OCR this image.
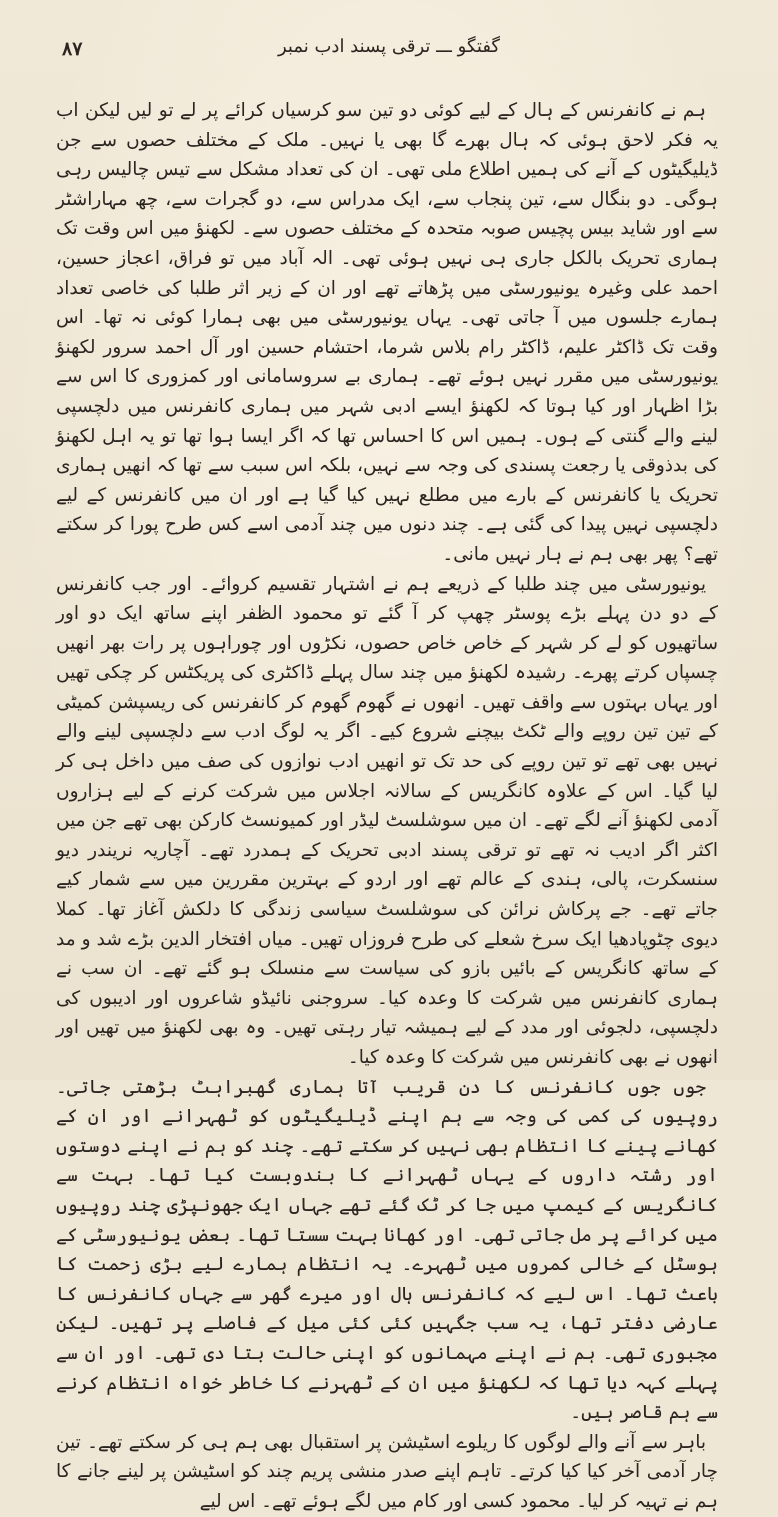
٨٧	گفتگو ـــ ترقی پسند ادب نمبر

ہم نے کانفرنس کے ہال کے لیے کوئی دو تین سو کرسیاں کرائے پر لے تو لیں لیکن اب یہ فکر لاحق ہوئی کہ ہال بھرے گا بھی یا نہیں۔ ملک کے مختلف حصوں سے جن ڈیلیگیٹوں کے آنے کی ہمیں اطلاع ملی تھی۔ ان کی تعداد مشکل سے تیس چالیس رہی ہوگی۔ دو بنگال سے، تین پنجاب سے، ایک مدراس سے، دو گجرات سے، چھ مہاراشٹر سے اور شاید بیس پچیس صوبہ متحدہ کے مختلف حصوں سے۔ لکھنؤ میں اس وقت تک ہماری تحریک بالکل جاری ہی نہیں ہوئی تھی۔ الہ آباد میں تو فراق، اعجاز حسین، احمد علی وغیرہ یونیورسٹی میں پڑھاتے تھے اور ان کے زیر اثر طلبا کی خاصی تعداد ہمارے جلسوں میں آ جاتی تھی۔ یہاں یونیورسٹی میں بھی ہمارا کوئی نہ تھا۔ اس وقت تک ڈاکٹر علیم، ڈاکٹر رام بلاس شرما، احتشام حسین اور آل احمد سرور لکھنؤ یونیورسٹی میں مقرر نہیں ہوئے تھے۔ ہماری بے سروسامانی اور کمزوری کا اس سے بڑا اظہار اور کیا ہوتا کہ لکھنؤ ایسے ادبی شہر میں ہماری کانفرنس میں دلچسپی لینے والے گنتی کے ہوں۔ ہمیں اس کا احساس تھا کہ اگر ایسا ہوا تھا تو یہ اہل لکھنؤ کی بدذوقی یا رجعت پسندی کی وجہ سے نہیں، بلکہ اس سبب سے تھا کہ انھیں ہماری تحریک یا کانفرنس کے بارے میں مطلع نہیں کیا گیا ہے اور ان میں کانفرنس کے لیے دلچسپی نہیں پیدا کی گئی ہے۔ چند دنوں میں چند آدمی اسے کس طرح پورا کر سکتے تھے؟ پھر بھی ہم نے ہار نہیں مانی۔

یونیورسٹی میں چند طلبا کے ذریعے ہم نے اشتہار تقسیم کروائے۔ اور جب کانفرنس کے دو دن پہلے بڑے پوسٹر چھپ کر آ گئے تو محمود الظفر اپنے ساتھ ایک دو اور ساتھیوں کو لے کر شہر کے خاص خاص حصوں، نکڑوں اور چوراہوں پر رات بھر انھیں چسپاں کرتے پھرے۔ رشیدہ لکھنؤ میں چند سال پہلے ڈاکٹری کی پریکٹس کر چکی تھیں اور یہاں بہتوں سے واقف تھیں۔ انھوں نے گھوم گھوم کر کانفرنس کی ریسپشن کمیٹی کے تین تین روپے والے ٹکٹ بیچنے شروع کیے۔ اگر یہ لوگ ادب سے دلچسپی لینے والے نہیں بھی تھے تو تین روپے کی حد تک تو انھیں ادب نوازوں کی صف میں داخل ہی کر لیا گیا۔ اس کے علاوہ کانگریس کے سالانہ اجلاس میں شرکت کرنے کے لیے ہزاروں آدمی لکھنؤ آنے لگے تھے۔ ان میں سوشلسٹ لیڈر اور کمیونسٹ کارکن بھی تھے جن میں اکثر اگر ادیب نہ تھے تو ترقی پسند ادبی تحریک کے ہمدرد تھے۔ آچاریہ نریندر دیو سنسکرت، پالی، ہندی کے عالم تھے اور اردو کے بہترین مقررین میں سے شمار کیے جاتے تھے۔ جے پرکاش نرائن کی سوشلسٹ سیاسی زندگی کا دلکش آغاز تھا۔ کملا دیوی چٹوپادھیا ایک سرخ شعلے کی طرح فروزاں تھیں۔ میاں افتخار الدین بڑے شد و مد کے ساتھ کانگریس کے بائیں بازو کی سیاست سے منسلک ہو گئے تھے۔ ان سب نے ہماری کانفرنس میں شرکت کا وعدہ کیا۔ سروجنی نائیڈو شاعروں اور ادیبوں کی دلچسپی، دلجوئی اور مدد کے لیے ہمیشہ تیار رہتی تھیں۔ وہ بھی لکھنؤ میں تھیں اور انھوں نے بھی کانفرنس میں شرکت کا وعدہ کیا۔

جوں جوں کانفرنس کا دن قریب آتا ہماری گھبراہٹ بڑھتی جاتی۔ روپیوں کی کمی کی وجہ سے ہم اپنے ڈیلیگیٹوں کو ٹھہرانے اور ان کے کھانے پینے کا انتظام بھی نہیں کر سکتے تھے۔ چند کو ہم نے اپنے دوستوں اور رشتہ داروں کے یہاں ٹھہرانے کا بندوبست کیا تھا۔ بہت سے کانگریس کے کیمپ میں جا کر ٹک گئے تھے جہاں ایک جھونپڑی چند روپیوں میں کرائے پر مل جاتی تھی۔ اور کھانا بہت سستا تھا۔ بعض یونیورسٹی کے ہوسٹل کے خالی کمروں میں ٹھہرے۔ یہ انتظام ہمارے لیے بڑی زحمت کا باعث تھا۔ اس لیے کہ کانفرنس ہال اور میرے گھر سے جہاں کانفرنس کا عارضی دفتر تھا، یہ سب جگہیں کئی کئی میل کے فاصلے پر تھیں۔ لیکن مجبوری تھی۔ ہم نے اپنے مہمانوں کو اپنی حالت بتا دی تھی۔ اور ان سے پہلے کہہ دیا تھا کہ لکھنؤ میں ان کے ٹھہرنے کا خاطر خواہ انتظام کرنے سے ہم قاصر ہیں۔

باہر سے آنے والے لوگوں کا ریلوے اسٹیشن پر استقبال بھی ہم ہی کر سکتے تھے۔ تین چار آدمی آخر کیا کیا کرتے۔ تاہم اپنے صدر منشی پریم چند کو اسٹیشن پر لینے جانے کا ہم نے تہیہ کر لیا۔ محمود کسی اور کام میں لگے ہوئے تھے۔ اس لیے
